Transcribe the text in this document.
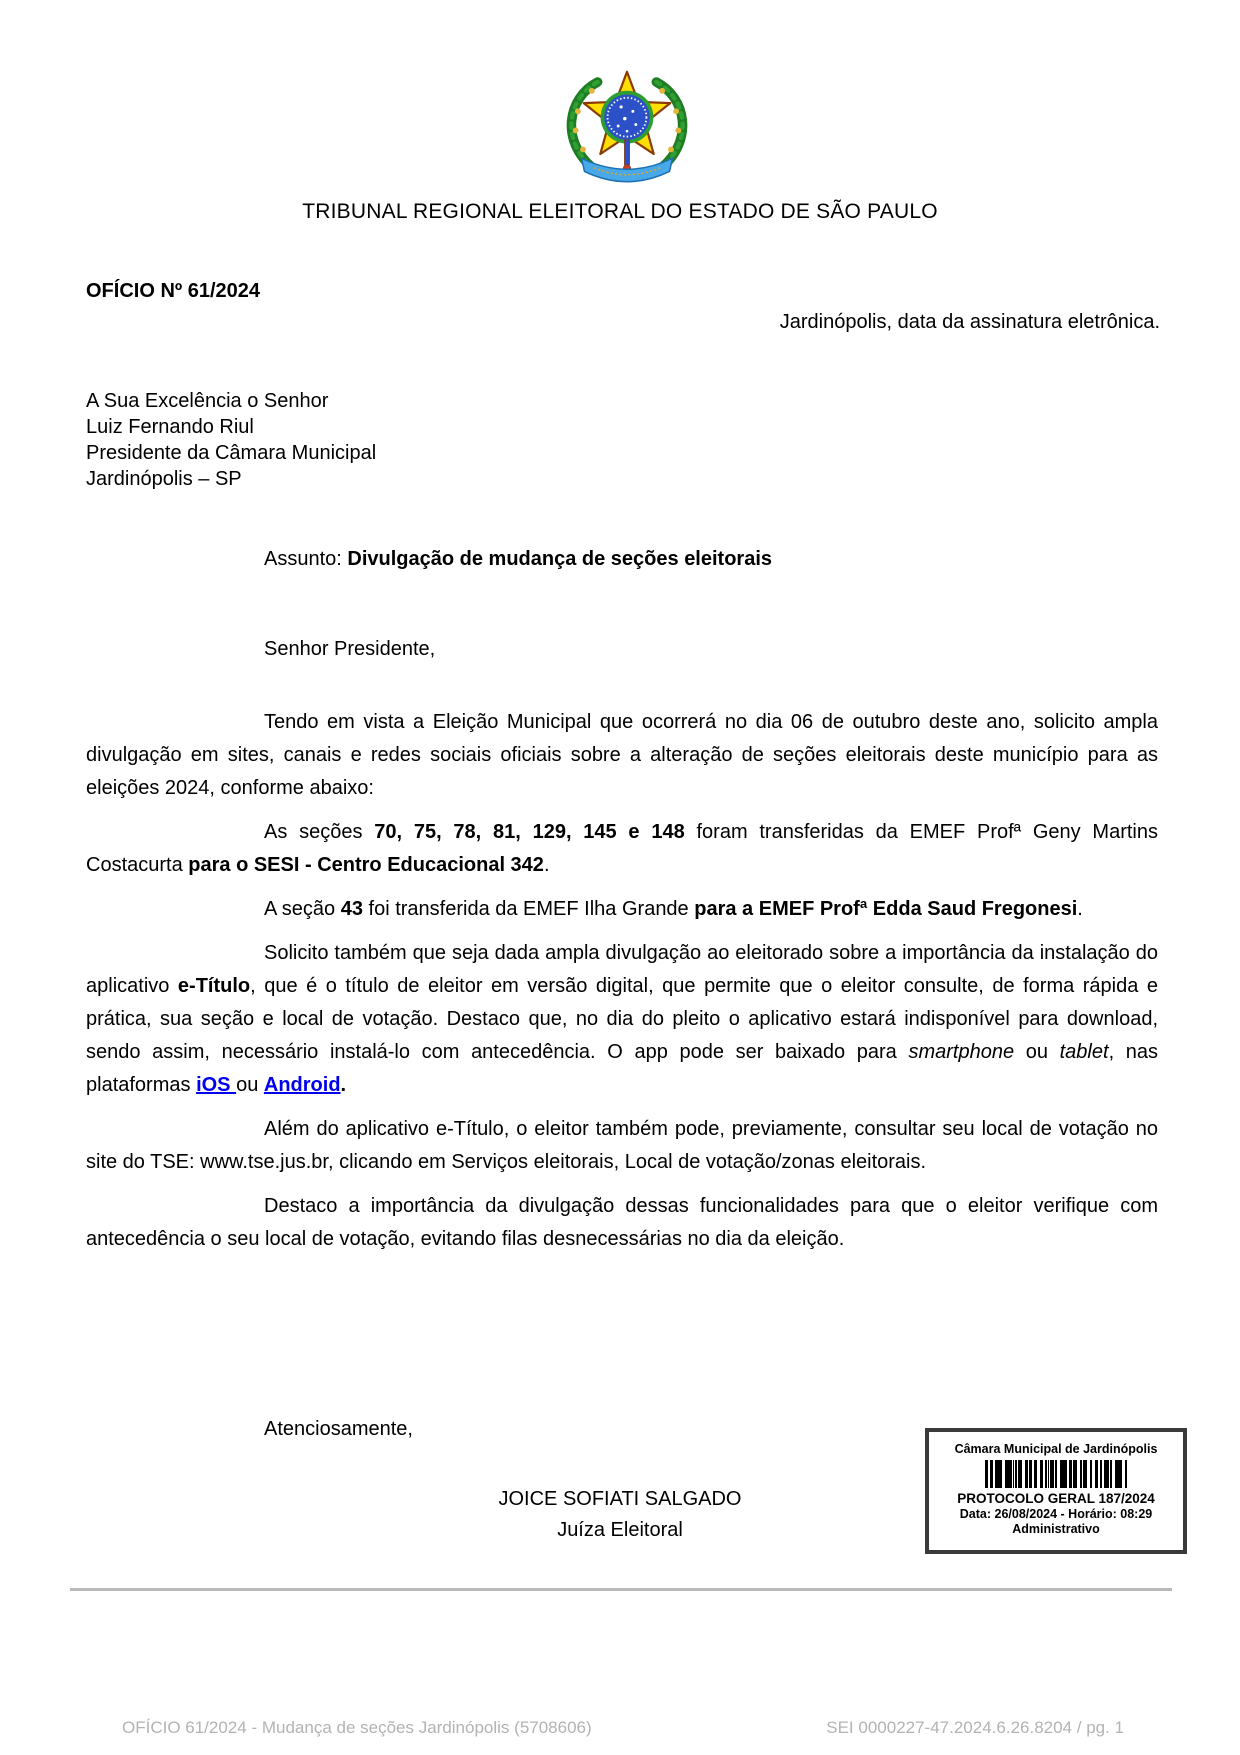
TRIBUNAL REGIONAL ELEITORAL DO ESTADO DE SÃO PAULO
OFÍCIO Nº 61/2024
Jardinópolis, data da assinatura eletrônica.
A Sua Excelência o Senhor
Luiz Fernando Riul
Presidente da Câmara Municipal
Jardinópolis – SP
Assunto: Divulgação de mudança de seções eleitorais
Senhor Presidente,

Tendo em vista a Eleição Municipal que ocorrerá no dia 06 de outubro deste ano, solicito ampla divulgação em sites, canais e redes sociais oficiais sobre a alteração de seções eleitorais deste município para as eleições 2024, conforme abaixo:

As seções 70, 75, 78, 81, 129, 145 e 148 foram transferidas da EMEF Profª Geny Martins Costacurta para o SESI - Centro Educacional 342.

A seção 43 foi transferida da EMEF Ilha Grande para a EMEF Profª Edda Saud Fregonesi.

Solicito também que seja dada ampla divulgação ao eleitorado sobre a importância da instalação do aplicativo e-Título, que é o título de eleitor em versão digital, que permite que o eleitor consulte, de forma rápida e prática, sua seção e local de votação. Destaco que, no dia do pleito o aplicativo estará indisponível para download, sendo assim, necessário instalá-lo com antecedência. O app pode ser baixado para smartphone ou tablet, nas plataformas iOS ou Android.

Além do aplicativo e-Título, o eleitor também pode, previamente, consultar seu local de votação no site do TSE: www.tse.jus.br, clicando em Serviços eleitorais, Local de votação/zonas eleitorais.

Destaco a importância da divulgação dessas funcionalidades para que o eleitor verifique com antecedência o seu local de votação, evitando filas desnecessárias no dia da eleição.

Atenciosamente,
JOICE SOFIATI SALGADO
Juíza Eleitoral
Câmara Municipal de Jardinópolis
PROTOCOLO GERAL 187/2024
Data: 26/08/2024 - Horário: 08:29
Administrativo
OFÍCIO 61/2024 - Mudança de seções Jardinópolis (5708606)	SEI 0000227-47.2024.6.26.8204 / pg. 1
